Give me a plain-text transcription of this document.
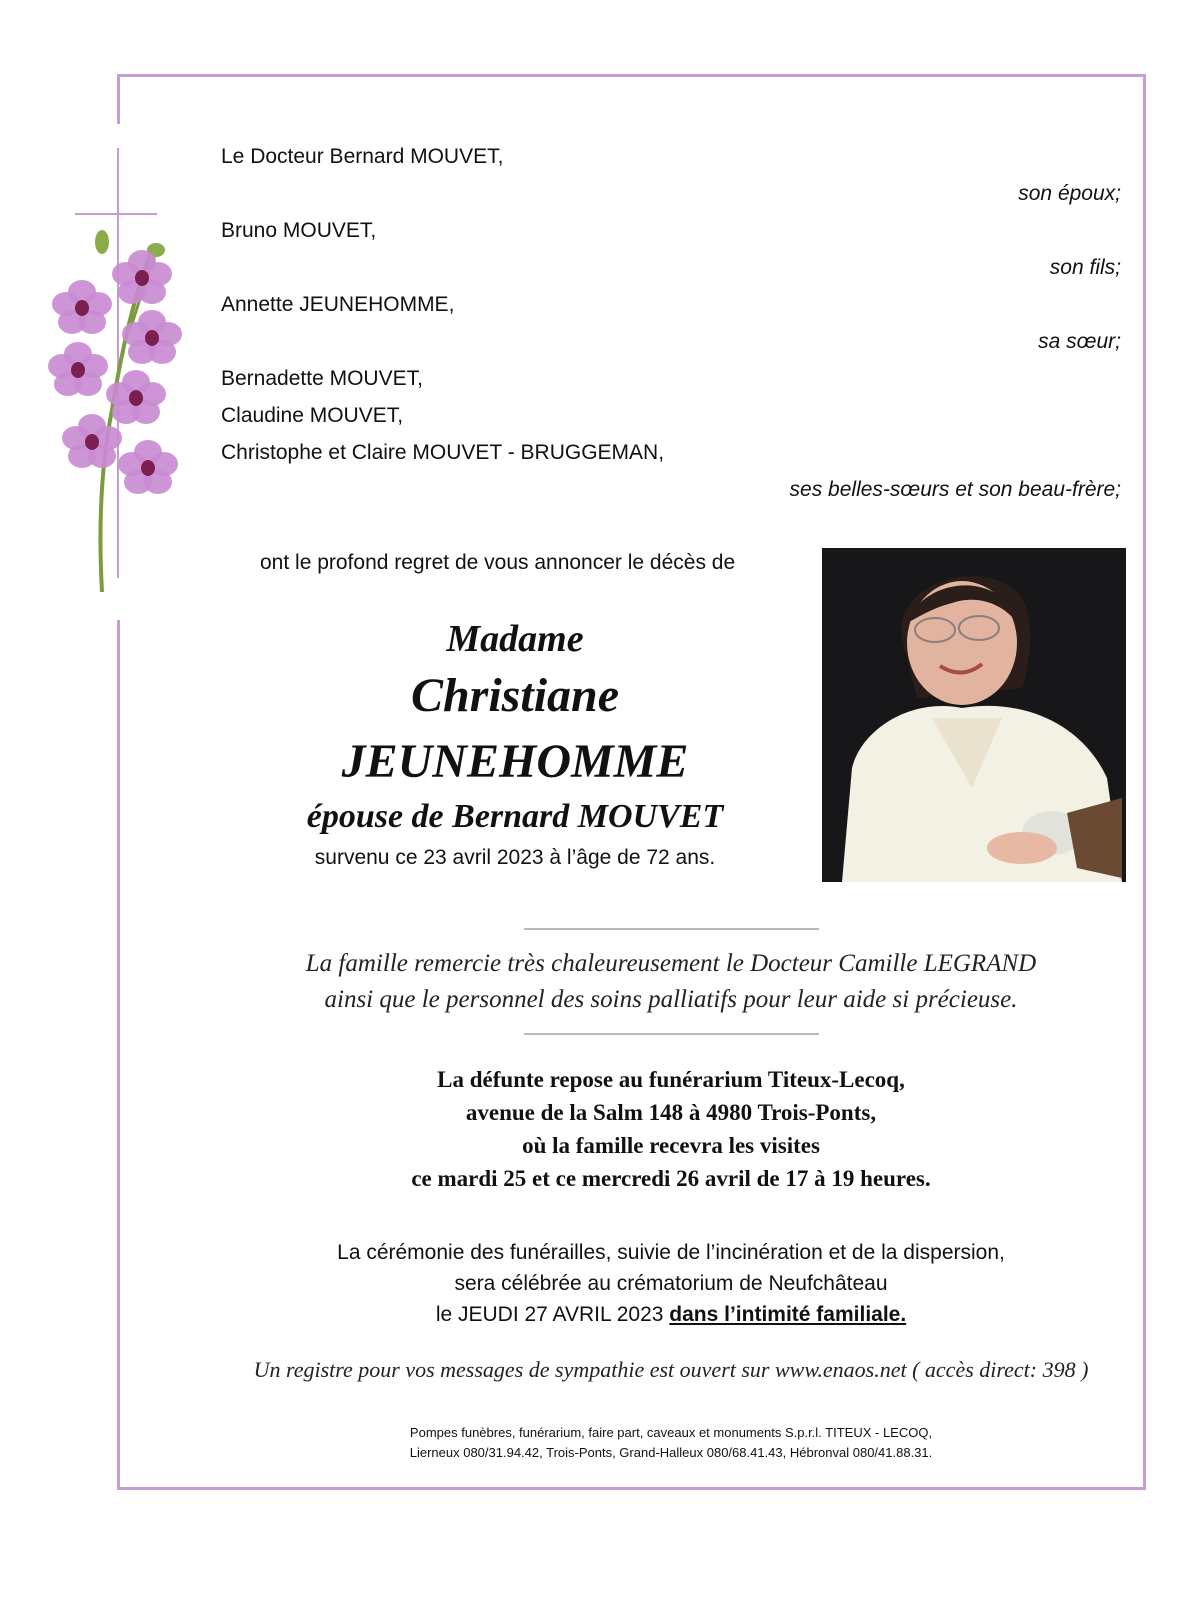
Le Docteur Bernard MOUVET,
son époux;
Bruno MOUVET,
son fils;
Annette JEUNEHOMME,
sa sœur;
Bernadette MOUVET,
Claudine MOUVET,
Christophe et Claire MOUVET - BRUGGEMAN,
ses belles-sœurs et son beau-frère;
ont le profond regret de vous annoncer le décès de
Madame
Christiane
JEUNEHOMME
épouse de Bernard MOUVET
survenu ce 23 avril 2023 à l’âge de 72 ans.
La famille remercie très chaleureusement le Docteur Camille LEGRAND
ainsi que le personnel des soins palliatifs pour leur aide si précieuse.
La défunte repose au funérarium Titeux-Lecoq,
avenue de la Salm 148 à 4980 Trois-Ponts,
où la famille recevra les visites
ce mardi 25 et ce mercredi 26 avril de 17 à 19 heures.
La cérémonie des funérailles, suivie de l’incinération et de la dispersion,
sera célébrée au crématorium de Neufchâteau
le JEUDI 27 AVRIL 2023 dans l’intimité familiale.
Un registre pour vos messages de sympathie est ouvert sur www.enaos.net ( accès direct: 398 )
Pompes funèbres, funérarium, faire part, caveaux et monuments S.p.r.l. TITEUX - LECOQ,
Lierneux 080/31.94.42, Trois-Ponts, Grand-Halleux 080/68.41.43, Hébronval 080/41.88.31.
